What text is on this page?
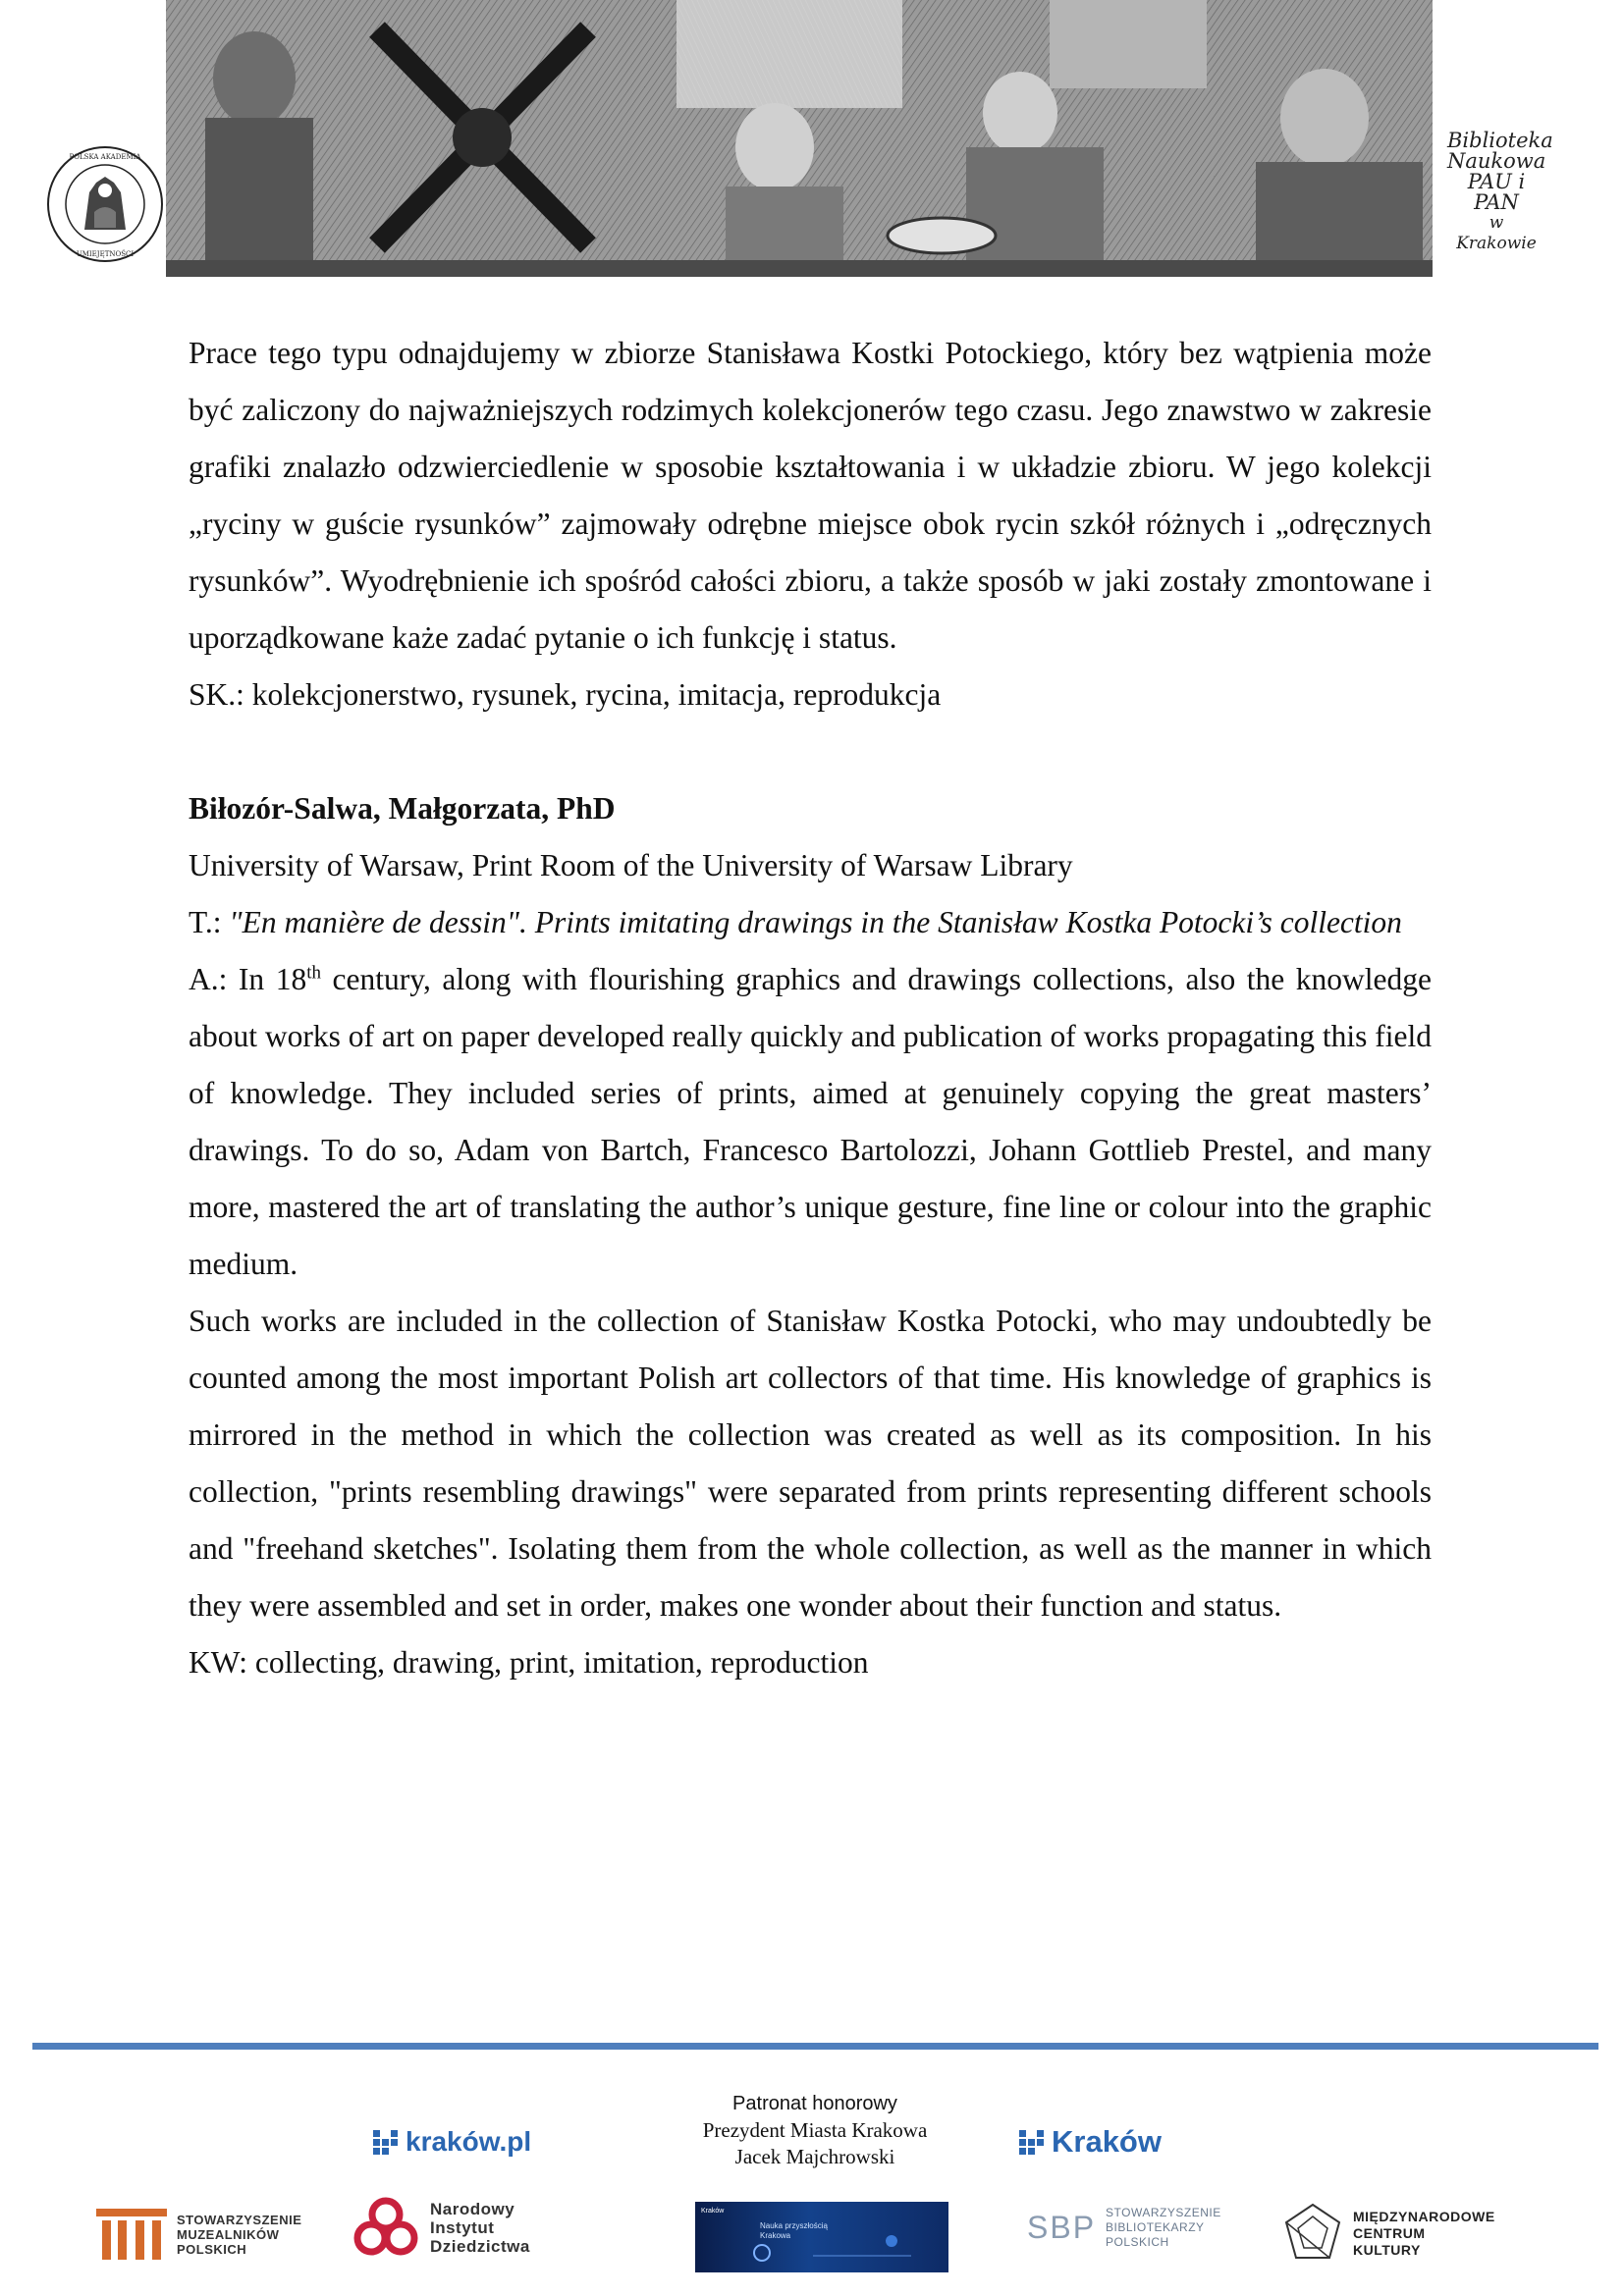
POLSKA AKADEMIA
UMIEJĘTNOŚCI
Biblioteka
Naukowa
PAU i PAN
w Krakowie

Prace tego typu odnajdujemy w zbiorze Stanisława Kostki Potockiego, który bez wątpienia może być zaliczony do najważniejszych rodzimych kolekcjonerów tego czasu. Jego znawstwo w zakresie grafiki znalazło odzwierciedlenie w sposobie kształtowania i w układzie zbioru. W jego kolekcji „ryciny w guście rysunków” zajmowały odrębne miejsce obok rycin szkół różnych i „odręcznych rysunków”. Wyodrębnienie ich spośród całości zbioru, a także sposób w jaki zostały zmontowane i uporządkowane każe zadać pytanie o ich funkcję i status.

SK.: kolekcjonerstwo, rysunek, rycina, imitacja, reprodukcja

Biłozór-Salwa, Małgorzata, PhD

University of Warsaw, Print Room of the University of Warsaw Library

T.: "En manière de dessin". Prints imitating drawings in the Stanisław Kostka Potocki’s collection

A.: In 18th century, along with flourishing graphics and drawings collections, also the knowledge about works of art on paper developed really quickly and publication of works propagating this field of knowledge. They included series of prints, aimed at genuinely copying the great masters’ drawings. To do so, Adam von Bartch, Francesco Bartolozzi, Johann Gottlieb Prestel, and many more, mastered the art of translating the author’s unique gesture, fine line or colour into the graphic medium.

Such works are included in the collection of Stanisław Kostka Potocki, who may undoubtedly be counted among the most important Polish art collectors of that time. His knowledge of graphics is mirrored in the method in which the collection was created as well as its composition. In his collection, "prints resembling drawings" were separated from prints representing different schools and "freehand sketches". Isolating them from the whole collection, as well as the manner in which they were assembled and set in order, makes one wonder about their function and status.

KW: collecting, drawing, print, imitation, reproduction

Patronat honorowy
Prezydent Miasta Krakowa
Jacek Majchrowski
kraków.pl	Kraków
STOWARZYSZENIE
MUZEALNIKÓW
POLSKICH
Narodowy
Instytut
Dziedzictwa
Kraków
Nauka przyszłością
Krakowa	SBP STOWARZYSZENIE
BIBLIOTEKARZY
POLSKICH
MIĘDZYNARODOWE
CENTRUM
KULTURY
